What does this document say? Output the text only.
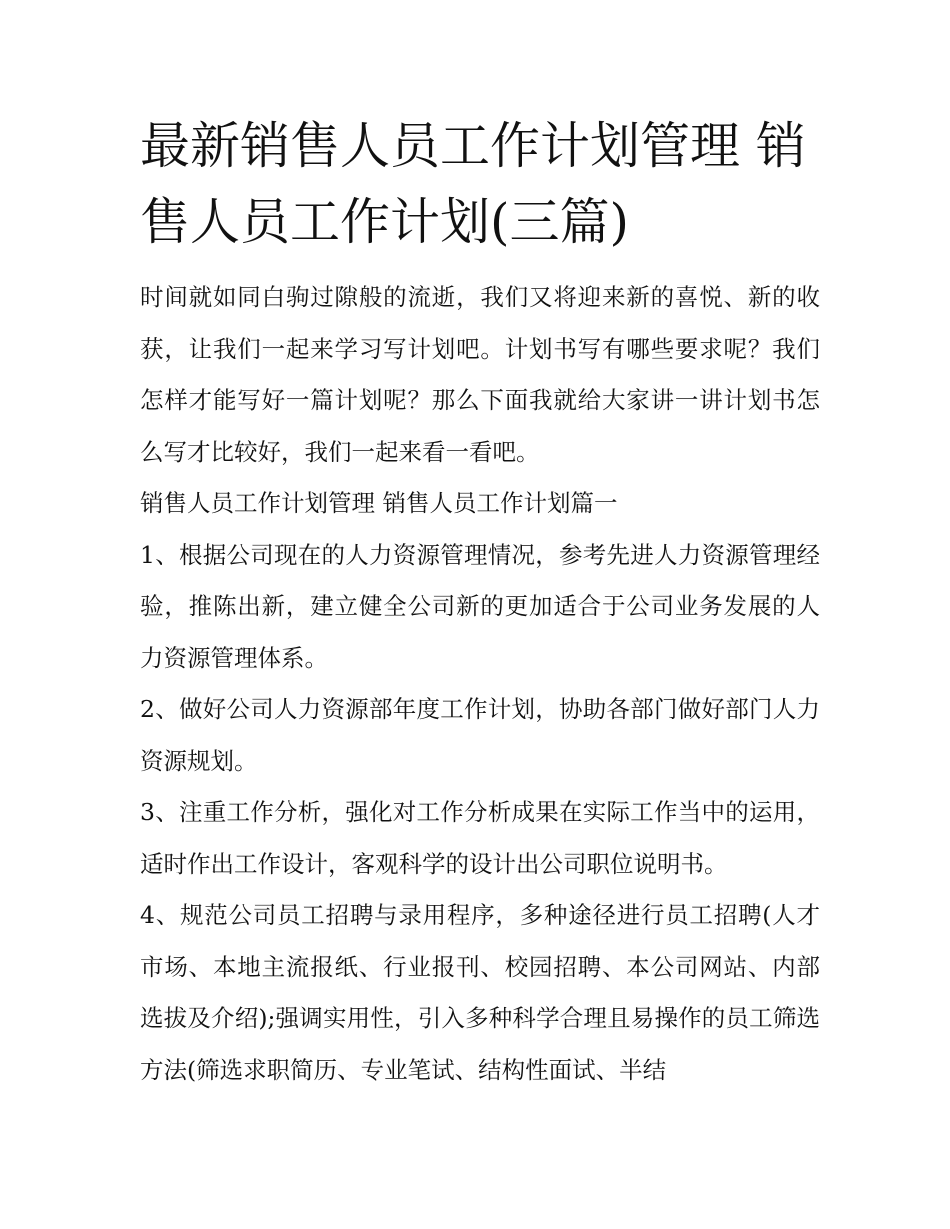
最新销售人员工作计划管理 销售人员工作计划(三篇)

时间就如同白驹过隙般的流逝，我们又将迎来新的喜悦、新的收获，让我们一起来学习写计划吧。计划书写有哪些要求呢？我们怎样才能写好一篇计划呢？那么下面我就给大家讲一讲计划书怎么写才比较好，我们一起来看一看吧。

销售人员工作计划管理 销售人员工作计划篇一

1、根据公司现在的人力资源管理情况，参考先进人力资源管理经验，推陈出新，建立健全公司新的更加适合于公司业务发展的人力资源管理体系。

2、做好公司人力资源部年度工作计划，协助各部门做好部门人力资源规划。

3、注重工作分析，强化对工作分析成果在实际工作当中的运用，适时作出工作设计，客观科学的设计出公司职位说明书。

4、规范公司员工招聘与录用程序，多种途径进行员工招聘(人才市场、本地主流报纸、行业报刊、校园招聘、本公司网站、内部选拔及介绍);强调实用性，引入多种科学合理且易操作的员工筛选方法(筛选求职简历、专业笔试、结构性面试、半结
